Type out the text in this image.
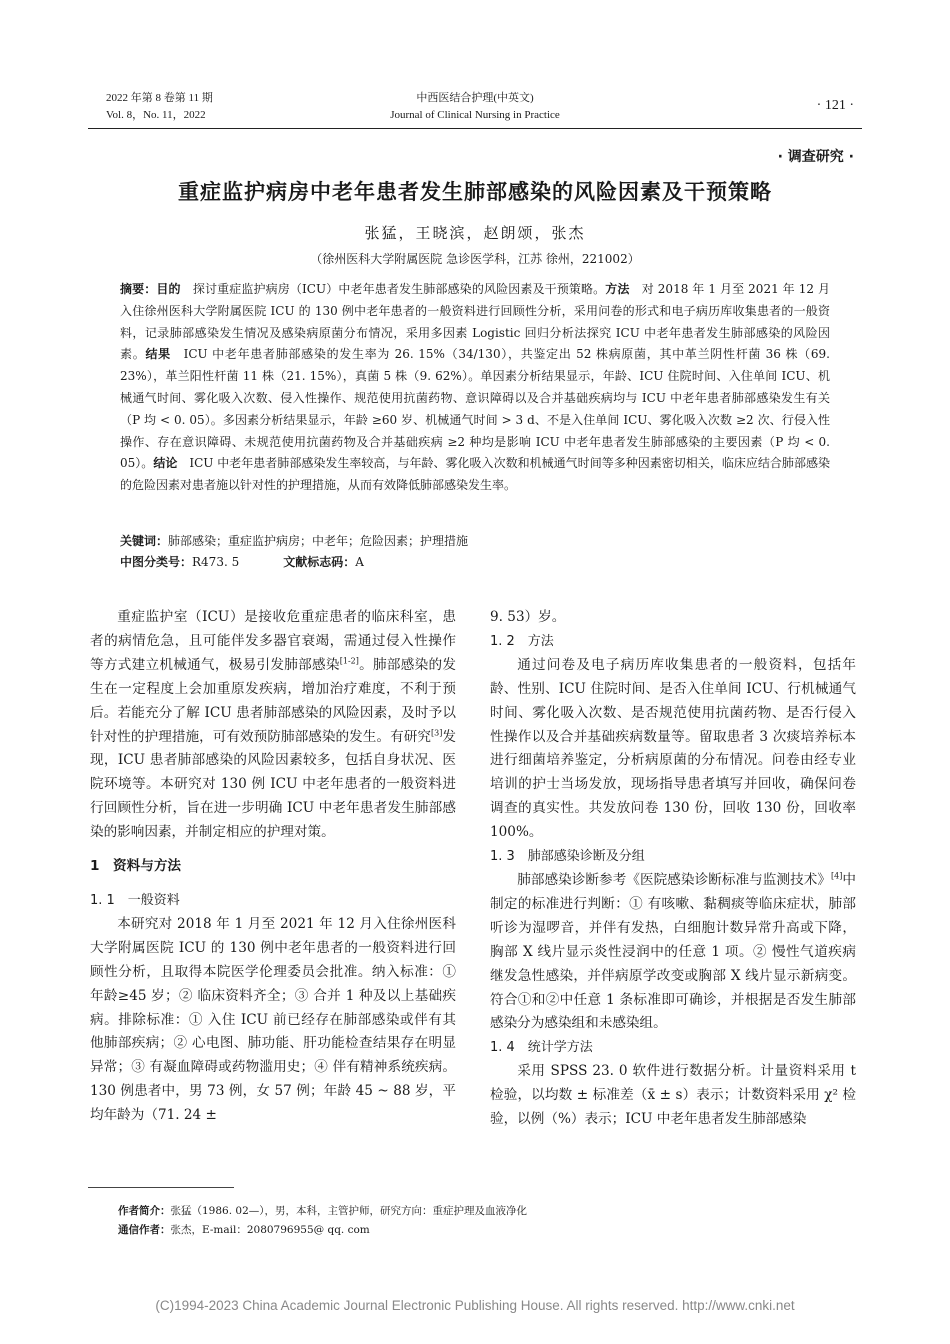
2022 年第 8 卷第 11 期
Vol. 8，No. 11，2022
中西医结合护理(中英文)
Journal of Clinical Nursing in Practice
· 121 ·
· 调查研究 ·
重症监护病房中老年患者发生肺部感染的风险因素及干预策略
张猛，王晓滨，赵朗颂，张杰
（徐州医科大学附属医院 急诊医学科，江苏 徐州，221002）
摘要：目的　 探讨重症监护病房（ICU）中老年患者发生肺部感染的风险因素及干预策略。方法　 对 2018 年 1 月至 2021 年 12 月入住徐州医科大学附属医院 ICU 的 130 例中老年患者的一般资料进行回顾性分析，采用问卷的形式和电子病历库收集患者的一般资料，记录肺部感染发生情况及感染病原菌分布情况，采用多因素 Logistic 回归分析法探究 ICU 中老年患者发生肺部感染的风险因素。结果　 ICU 中老年患者肺部感染的发生率为 26. 15%（34/130），共鉴定出 52 株病原菌，其中革兰阴性杆菌 36 株（69. 23%），革兰阳性杆菌 11 株（21. 15%），真菌 5 株（9. 62%）。单因素分析结果显示，年龄、ICU 住院时间、入住单间 ICU、机械通气时间、雾化吸入次数、侵入性操作、规范使用抗菌药物、意识障碍以及合并基础疾病均与 ICU 中老年患者肺部感染发生有关（P 均 < 0. 05）。多因素分析结果显示，年龄 ≥60 岁、机械通气时间 > 3 d、不是入住单间 ICU、雾化吸入次数 ≥2 次、行侵入性操作、存在意识障碍、未规范使用抗菌药物及合并基础疾病 ≥2 种均是影响 ICU 中老年患者发生肺部感染的主要因素（P 均 < 0. 05）。结论　 ICU 中老年患者肺部感染发生率较高，与年龄、雾化吸入次数和机械通气时间等多种因素密切相关，临床应结合肺部感染的危险因素对患者施以针对性的护理措施，从而有效降低肺部感染发生率。
关键词：肺部感染；重症监护病房；中老年；危险因素；护理措施
中图分类号：R473. 5	文献标志码：A

重症监护室（ICU）是接收危重症患者的临床科室，患者的病情危急，且可能伴发多器官衰竭，需通过侵入性操作等方式建立机械通气，极易引发肺部感染[1-2]。肺部感染的发生在一定程度上会加重原发疾病，增加治疗难度，不利于预后。若能充分了解 ICU 患者肺部感染的风险因素，及时予以针对性的护理措施，可有效预防肺部感染的发生。有研究[3]发现，ICU 患者肺部感染的风险因素较多，包括自身状况、医院环境等。本研究对 130 例 ICU 中老年患者的一般资料进行回顾性分析，旨在进一步明确 ICU 中老年患者发生肺部感染的影响因素，并制定相应的护理对策。

1　资料与方法

1. 1　一般资料

本研究对 2018 年 1 月至 2021 年 12 月入住徐州医科大学附属医院 ICU 的 130 例中老年患者的一般资料进行回顾性分析，且取得本院医学伦理委员会批准。纳入标准：① 年龄≥45 岁；② 临床资料齐全；③ 合并 1 种及以上基础疾病。排除标准：① 入住 ICU 前已经存在肺部感染或伴有其他肺部疾病；② 心电图、肺功能、肝功能检查结果存在明显异常；③ 有凝血障碍或药物滥用史；④ 伴有精神系统疾病。130 例患者中，男 73 例，女 57 例；年龄 45 ~ 88 岁，平均年龄为（71. 24 ±

9. 53）岁。

1. 2　方法

通过问卷及电子病历库收集患者的一般资料，包括年龄、性别、ICU 住院时间、是否入住单间 ICU、行机械通气时间、雾化吸入次数、是否规范使用抗菌药物、是否行侵入性操作以及合并基础疾病数量等。留取患者 3 次痰培养标本进行细菌培养鉴定，分析病原菌的分布情况。问卷由经专业培训的护士当场发放，现场指导患者填写并回收，确保问卷调查的真实性。共发放问卷 130 份，回收 130 份，回收率 100%。

1. 3　肺部感染诊断及分组

肺部感染诊断参考《医院感染诊断标准与监测技术》[4]中制定的标准进行判断：① 有咳嗽、黏稠痰等临床症状，肺部听诊为湿啰音，并伴有发热，白细胞计数异常升高或下降，胸部 X 线片显示炎性浸润中的任意 1 项。② 慢性气道疾病继发急性感染，并伴病原学改变或胸部 X 线片显示新病变。符合①和②中任意 1 条标准即可确诊，并根据是否发生肺部感染分为感染组和未感染组。

1. 4　统计学方法

采用 SPSS 23. 0 软件进行数据分析。计量资料采用 t 检验，以均数 ± 标准差（x̄ ± s）表示；计数资料采用 χ² 检验，以例（%）表示；ICU 中老年患者发生肺部感染

作者简介：张猛（1986. 02—），男，本科，主管护师，研究方向：重症护理及血液净化
通信作者：张杰，E-mail：2080796955@ qq. com
(C)1994-2023 China Academic Journal Electronic Publishing House. All rights reserved. http://www.cnki.net
